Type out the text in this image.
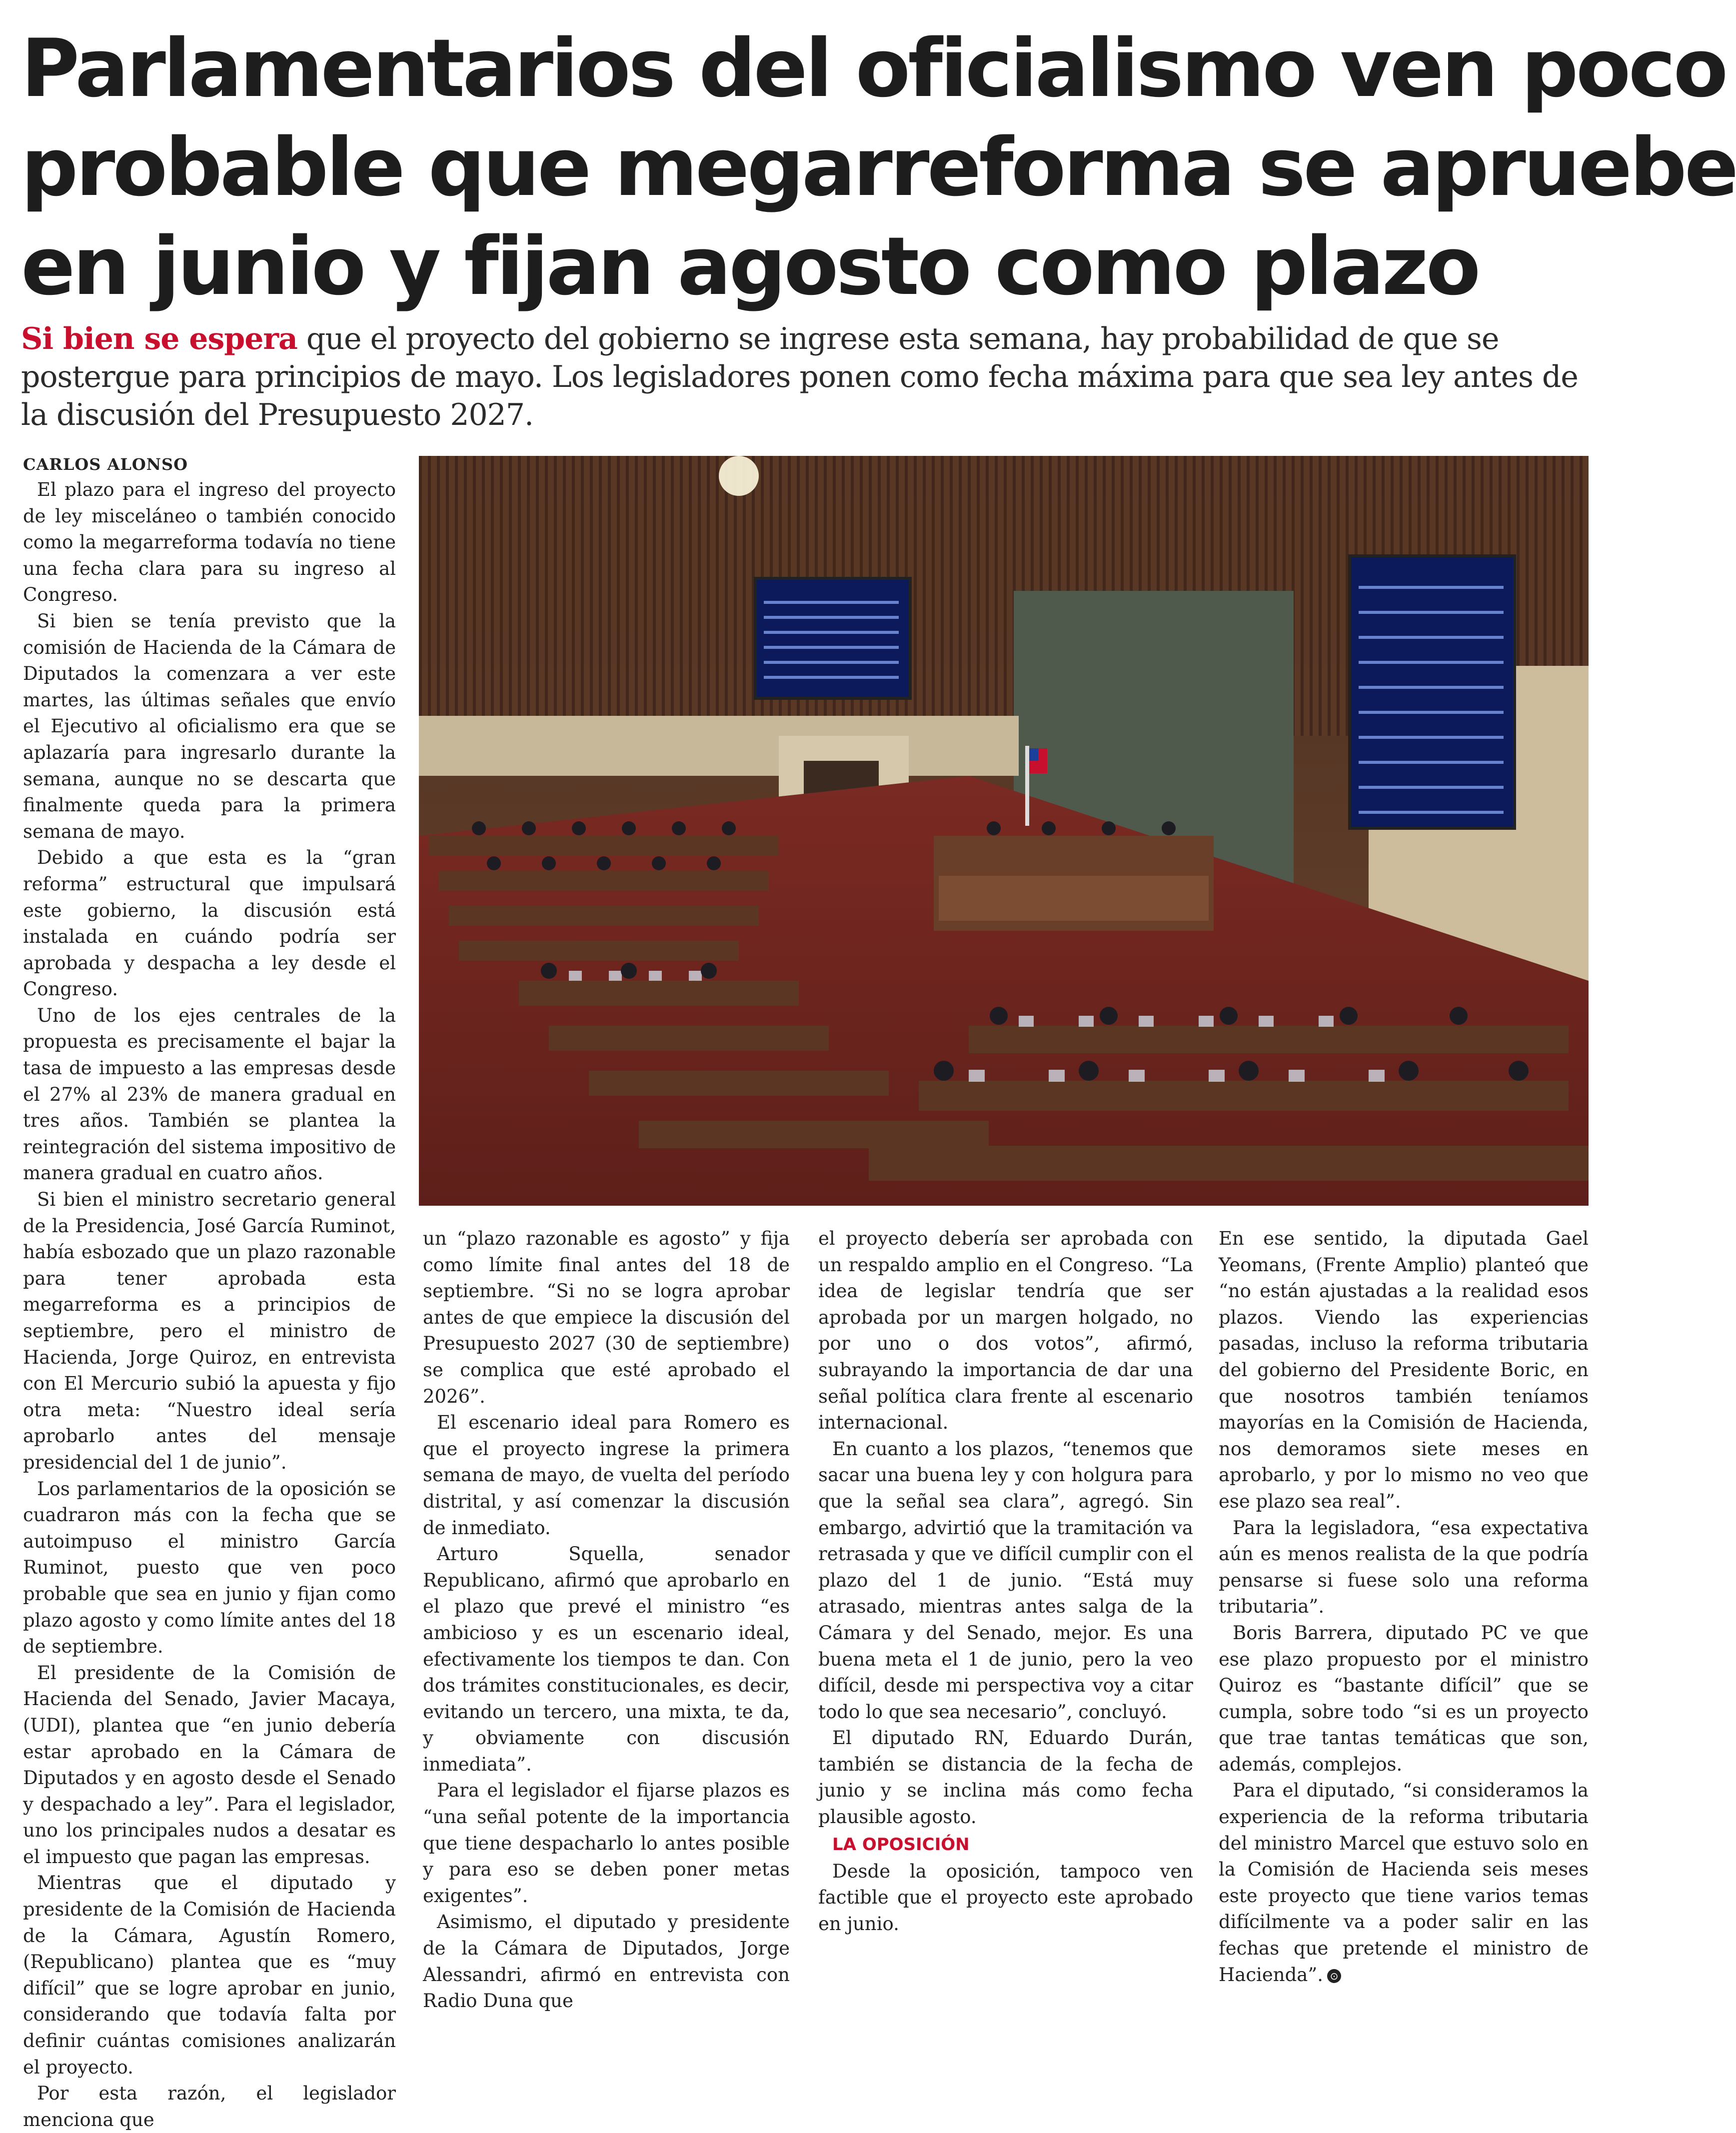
Parlamentarios del oficialismo ven poco
probable que megarreforma se apruebe
en junio y fijan agosto como plazo

Si bien se espera que el proyecto del gobierno se ingrese esta semana, hay probabilidad de que se postergue para principios de mayo. Los legisladores ponen como fecha máxima para que sea ley antes de la discusión del Presupuesto 2027.

CARLOS ALONSO

El plazo para el ingreso del proyecto de ley misceláneo o también conocido como la megarreforma todavía no tiene una fecha clara para su ingreso al Congreso.

Si bien se tenía previsto que la comisión de Hacienda de la Cámara de Diputados la comenzara a ver este martes, las últimas señales que envío el Ejecutivo al oficialismo era que se aplazaría para ingresarlo durante la semana, aunque no se descarta que finalmente queda para la primera semana de mayo.

Debido a que esta es la “gran reforma” estructural que impulsará este gobierno, la discusión está instalada en cuándo podría ser aprobada y despacha a ley desde el Congreso.

Uno de los ejes centrales de la propuesta es precisamente el bajar la tasa de impuesto a las empresas desde el 27% al 23% de manera gradual en tres años. También se plantea la reintegración del sistema impositivo de manera gradual en cuatro años.

Si bien el ministro secretario general de la Presidencia, José García Ruminot, había esbozado que un plazo razonable para tener aprobada esta megarreforma es a principios de septiembre, pero el ministro de Hacienda, Jorge Quiroz, en entrevista con El Mercurio subió la apuesta y fijo otra meta: “Nuestro ideal sería aprobarlo antes del mensaje presidencial del 1 de junio”.

Los parlamentarios de la oposición se cuadraron más con la fecha que se autoimpuso el ministro García Ruminot, puesto que ven poco probable que sea en junio y fijan como plazo agosto y como límite antes del 18 de septiembre.

El presidente de la Comisión de Hacienda del Senado, Javier Macaya, (UDI), plantea que “en junio debería estar aprobado en la Cámara de Diputados y en agosto desde el Senado y despachado a ley”. Para el legislador, uno los principales nudos a desatar es el impuesto que pagan las empresas.

Mientras que el diputado y presidente de la Comisión de Hacienda de la Cámara, Agustín Romero, (Republicano) plantea que es “muy difícil” que se logre aprobar en junio, considerando que todavía falta por definir cuántas comisiones analizarán el proyecto.

Por esta razón, el legislador menciona que

un “plazo razonable es agosto” y fija como límite final antes del 18 de septiembre. “Si no se logra aprobar antes de que empiece la discusión del Presupuesto 2027 (30 de septiembre) se complica que esté aprobado el 2026”.

El escenario ideal para Romero es que el proyecto ingrese la primera semana de mayo, de vuelta del período distrital, y así comenzar la discusión de inmediato.

Arturo Squella, senador Republicano, afirmó que aprobarlo en el plazo que prevé el ministro “es ambicioso y es un escenario ideal, efectivamente los tiempos te dan. Con dos trámites constitucionales, es decir, evitando un tercero, una mixta, te da, y obviamente con discusión inmediata”.

Para el legislador el fijarse plazos es “una señal potente de la importancia que tiene despacharlo lo antes posible y para eso se deben poner metas exigentes”.

Asimismo, el diputado y presidente de la Cámara de Diputados, Jorge Alessandri, afirmó en entrevista con Radio Duna que

el proyecto debería ser aprobada con un respaldo amplio en el Congreso. “La idea de legislar tendría que ser aprobada por un margen holgado, no por uno o dos votos”, afirmó, subrayando la importancia de dar una señal política clara frente al escenario internacional.

En cuanto a los plazos, “tenemos que sacar una buena ley y con holgura para que la señal sea clara”, agregó. Sin embargo, advirtió que la tramitación va retrasada y que ve difícil cumplir con el plazo del 1 de junio. “Está muy atrasado, mientras antes salga de la Cámara y del Senado, mejor. Es una buena meta el 1 de junio, pero la veo difícil, desde mi perspectiva voy a citar todo lo que sea necesario”, concluyó.

El diputado RN, Eduardo Durán, también se distancia de la fecha de junio y se inclina más como fecha plausible agosto.

LA OPOSICIÓN

Desde la oposición, tampoco ven factible que el proyecto este aprobado en junio.

En ese sentido, la diputada Gael Yeomans, (Frente Amplio) planteó que “no están ajustadas a la realidad esos plazos. Viendo las experiencias pasadas, incluso la reforma tributaria del gobierno del Presidente Boric, en que nosotros también teníamos mayorías en la Comisión de Hacienda, nos demoramos siete meses en aprobarlo, y por lo mismo no veo que ese plazo sea real”.

Para la legisladora, “esa expectativa aún es menos realista de la que podría pensarse si fuese solo una reforma tributaria”.

Boris Barrera, diputado PC ve que ese plazo propuesto por el ministro Quiroz es “bastante difícil” que se cumpla, sobre todo “si es un proyecto que trae tantas temáticas que son, además, complejos.

Para el diputado, “si consideramos la experiencia de la reforma tributaria del ministro Marcel que estuvo solo en la Comisión de Hacienda seis meses este proyecto que tiene varios temas difícilmente va a poder salir en las fechas que pretende el ministro de Hacienda”. ⊙
